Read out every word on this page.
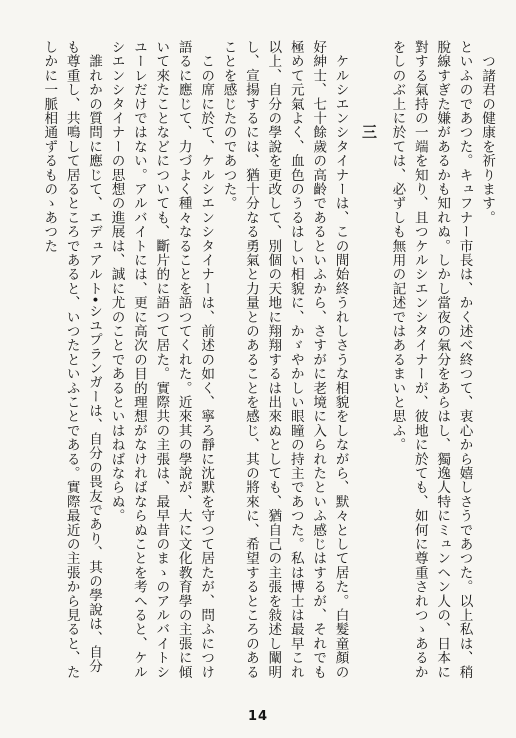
　つ諸君の健康を祈ります。

といふのであつた。キュフナー市長は、かく述べ終つて、衷心から嬉しさうであつた。以上私は、稍脫線すぎた嫌があるかも知れぬ。しかし當夜の氣分をあらはし、獨逸人特にミュンヘン人の、日本に對する氣持の一端を知り、且つケルシエンシタイナーが、彼地に於ても、如何に尊重されつゝあるかをしのぶ上に於ては、必ずしも無用の記述ではあるまいと思ふ。

三

　ケルシエンシタイナーは、この間始終うれしさうな相貌をしながら、默々として居た。白髮童顏の好紳士、七十餘歲の高齡であるといふから、さすがに老境に入られたといふ感じはするが、それでも極めて元氣よく、血色のうるはしい相貌に、かゞやかしい眼瞳の持主であつた。私は博士は最早これ以上、自分の學說を更改して、別個の天地に翔翔するは出來ぬとしても、猶自己の主張を敍述し闡明し、宣揚するには、猶十分なる勇氣と力量とのあることを感じ、其の將來に、希望するところのあることを感じたのであつた。

　この席に於て、ケルシエンシタイナーは、前述の如く、寧ろ靜に沈默を守つて居たが、問ふにつけ語るに應じて、力づよく種々なることを語つてくれた。近來其の學說が、大に文化教育學の主張に傾いて來たことなどについても、斷片的に語つて居た。實際共の主張は、最早昔のまゝのアルバイトシユーレだけではない。アルバイトには、更に高次の目的理想がなければならぬことを考へると、ケルシエンシタイナーの思想の進展は、誠に尤のことであるといはねばならぬ。

　誰れかの質問に應じて、エデュアルト•シユプランガーは、自分の畏友であり、其の學說は、自分も尊重し、共鳴して居るところであると、いつたといふことである。實際最近の主張から見ると、たしかに一脈相通ずるものゝあつた

14
